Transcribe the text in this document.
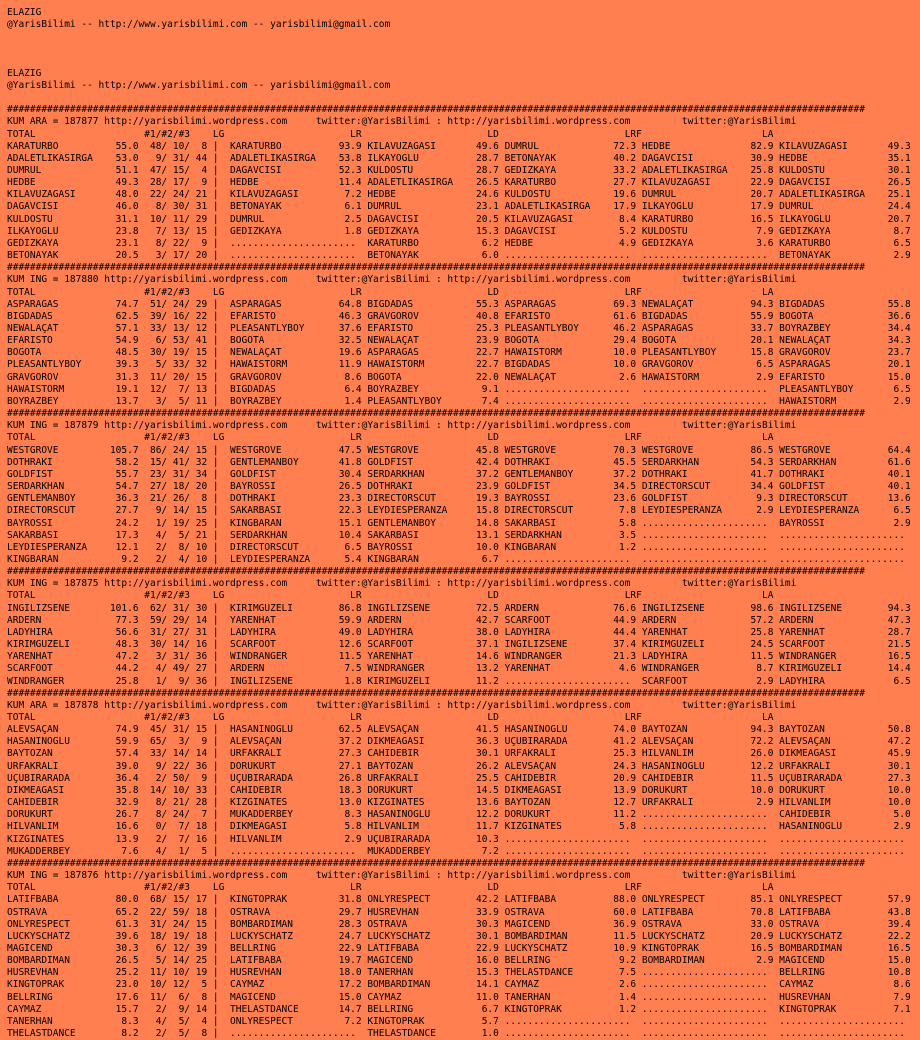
ELAZIG
@YarisBilimi -- http://www.yarisbilimi.com -- yarisbilimi@gmail.com
ELAZIG
@YarisBilimi -- http://www.yarisbilimi.com -- yarisbilimi@gmail.com
######################################################################################################################################################
KUM ARA = 187877 http://yarisbilimi.wordpress.com     twitter:@YarisBilimi : http://yarisbilimi.wordpress.com         twitter:@YarisBilimi
TOTAL                   #1/#2/#3    LG                      LR                      LD                      LRF                     LA
KARATURBO          55.0  48/ 10/  8 |  KARATURBO          93.9 KILAVUZAGASI       49.6 DUMRUL             72.3 HEDBE              82.9 KILAVUZAGASI       49.3
ADALETLIKASIRGA    53.0   9/ 31/ 44 |  ADALETLIKASIRGA    53.8 ILKAYOGLU          28.7 BETONAYAK          40.2 DAGAVCISI          30.9 HEDBE              35.1
DUMRUL             51.1  47/ 15/  4 |  DAGAVCISI          52.3 KULDOSTU           28.7 GEDIZKAYA          33.2 ADALETLIKASIRGA    25.8 KULDOSTU           30.1
HEDBE              49.3  28/ 17/  9 |  HEDBE              11.4 ADALETLIKASIRGA    26.5 KARATURBO          27.7 KILAVUZAGASI       22.9 DAGAVCISI          26.5
KILAVUZAGASI       48.0  22/ 24/ 21 |  KILAVUZAGASI        7.2 HEDBE              24.6 KULDOSTU           19.6 DUMRUL             20.7 ADALETLIKASIRGA    25.1
DAGAVCISI          46.0   8/ 30/ 31 |  BETONAYAK           6.1 DUMRUL             23.1 ADALETLIKASIRGA    17.9 ILKAYOGLU          17.9 DUMRUL             24.4
KULDOSTU           31.1  10/ 11/ 29 |  DUMRUL              2.5 DAGAVCISI          20.5 KILAVUZAGASI        8.4 KARATURBO          16.5 ILKAYOGLU          20.7
ILKAYOGLU          23.8   7/ 13/ 15 |  GEDIZKAYA           1.8 GEDIZKAYA          15.3 DAGAVCISI           5.2 KULDOSTU            7.9 GEDIZKAYA           8.7
GEDIZKAYA          23.1   8/ 22/  9 |  ......................  KARATURBO           6.2 HEDBE               4.9 GEDIZKAYA           3.6 KARATURBO           6.5
BETONAYAK          20.5   3/ 17/ 20 |  ......................  BETONAYAK           6.0 ......................  ......................  BETONAYAK           2.9
######################################################################################################################################################
KUM ING = 187880 http://yarisbilimi.wordpress.com     twitter:@YarisBilimi : http://yarisbilimi.wordpress.com         twitter:@YarisBilimi
TOTAL                   #1/#2/#3    LG                      LR                      LD                      LRF                     LA
ASPARAGAS          74.7  51/ 24/ 29 |  ASPARAGAS          64.8 BIGDADAS           55.3 ASPARAGAS          69.3 NEWALAÇAT          94.3 BIGDADAS           55.8
BIGDADAS           62.5  39/ 16/ 22 |  EFARISTO           46.3 GRAVGOROV          40.8 EFARISTO           61.6 BIGDADAS           55.9 BOGOTA             36.6
NEWALAÇAT          57.1  33/ 13/ 12 |  PLEASANTLYBOY      37.6 EFARISTO           25.3 PLEASANTLYBOY      46.2 ASPARAGAS          33.7 BOYRAZBEY          34.4
EFARISTO           54.9   6/ 53/ 41 |  BOGOTA             32.5 NEWALAÇAT          23.9 BOGOTA             29.4 BOGOTA             20.1 NEWALAÇAT          34.3
BOGOTA             48.5  30/ 19/ 15 |  NEWALAÇAT          19.6 ASPARAGAS          22.7 HAWAISTORM         10.0 PLEASANTLYBOY      15.8 GRAVGOROV          23.7
PLEASANTLYBOY      39.3   5/ 33/ 32 |  HAWAISTORM         11.9 HAWAISTORM         22.7 BIGDADAS           10.0 GRAVGOROV           6.5 ASPARAGAS          20.1
GRAVGOROV          31.3  11/ 20/ 15 |  GRAVGOROV           8.6 BOGOTA             22.0 NEWALAÇAT           2.6 HAWAISTORM          2.9 EFARISTO           15.0
HAWAISTORM         19.1  12/  7/ 13 |  BIGDADAS            6.4 BOYRAZBEY           9.1 ......................  ......................  PLEASANTLYBOY       6.5
BOYRAZBEY          13.7   3/  5/ 11 |  BOYRAZBEY           1.4 PLEASANTLYBOY       7.4 ......................  ......................  HAWAISTORM          2.9
######################################################################################################################################################
KUM ING = 187879 http://yarisbilimi.wordpress.com     twitter:@YarisBilimi : http://yarisbilimi.wordpress.com         twitter:@YarisBilimi
TOTAL                   #1/#2/#3    LG                      LR                      LD                      LRF                     LA
WESTGROVE         105.7  86/ 24/ 15 |  WESTGROVE          47.5 WESTGROVE          45.8 WESTGROVE          70.3 WESTGROVE          86.5 WESTGROVE          64.4
DOTHRAKI           58.2  15/ 41/ 32 |  GENTLEMANBOY       41.8 GOLDFIST           42.4 DOTHRAKI           45.5 SERDARKHAN         54.3 SERDARKHAN         61.6
GOLDFIST           55.7  23/ 31/ 34 |  GOLDFIST           30.4 SERDARKHAN         37.2 GENTLEMANBOY       37.2 DOTHRAKI           41.7 DOTHRAKI           40.1
SERDARKHAN         54.7  27/ 18/ 20 |  BAYROSSI           26.5 DOTHRAKI           23.9 GOLDFIST           34.5 DIRECTORSCUT       34.4 GOLDFIST           40.1
GENTLEMANBOY       36.3  21/ 26/  8 |  DOTHRAKI           23.3 DIRECTORSCUT       19.3 BAYROSSI           23.6 GOLDFIST            9.3 DIRECTORSCUT       13.6
DIRECTORSCUT       27.7   9/ 14/ 15 |  SAKARBASI          22.3 LEYDIESPERANZA     15.8 DIRECTORSCUT        7.8 LEYDIESPERANZA      2.9 LEYDIESPERANZA      6.5
BAYROSSI           24.2   1/ 19/ 25 |  KINGBARAN          15.1 GENTLEMANBOY       14.8 SAKARBASI           5.8 ......................  BAYROSSI            2.9
SAKARBASI          17.3   4/  5/ 21 |  SERDARKHAN         10.4 SAKARBASI          13.1 SERDARKHAN          3.5 ......................  ......................
LEYDIESPERANZA     12.1   2/  8/ 10 |  DIRECTORSCUT        6.5 BAYROSSI           10.0 KINGBARAN           1.2 ......................  ......................
KINGBARAN           9.2   2/  4/ 10 |  LEYDIESPERANZA      5.4 KINGBARAN           6.7 ......................  ......................  ......................
######################################################################################################################################################
KUM ING = 187875 http://yarisbilimi.wordpress.com     twitter:@YarisBilimi : http://yarisbilimi.wordpress.com         twitter:@YarisBilimi
TOTAL                   #1/#2/#3    LG                      LR                      LD                      LRF                     LA
INGILIZSENE       101.6  62/ 31/ 30 |  KIRIMGÜZELI        86.8 INGILIZSENE        72.5 ARDERN             76.6 INGILIZSENE        98.6 INGILIZSENE        94.3
ARDERN             77.3  59/ 29/ 14 |  YARENHAT           59.9 ARDERN             42.7 SCARFOOT           44.9 ARDERN             57.2 ARDERN             47.3
LADYHIRA           56.6  31/ 27/ 31 |  LADYHIRA           49.0 LADYHIRA           38.0 LADYHIRA           44.4 YARENHAT           25.8 YARENHAT           28.7
KIRIMGÜZELI        48.3  30/ 14/ 16 |  SCARFOOT           12.6 SCARFOOT           37.1 INGILIZSENE        37.4 KIRIMGÜZELI        24.5 SCARFOOT           21.5
YARENHAT           47.2   3/ 31/ 36 |  WINDRANGER         11.5 YARENHAT           14.6 WINDRANGER         21.3 LADYHIRA           11.5 WINDRANGER         16.5
SCARFOOT           44.2   4/ 49/ 27 |  ARDERN              7.5 WINDRANGER         13.2 YARENHAT            4.6 WINDRANGER          8.7 KIRIMGÜZELI        14.4
WINDRANGER         25.8   1/  9/ 36 |  INGILIZSENE         1.8 KIRIMGÜZELI        11.2 ......................  SCARFOOT            2.9 LADYHIRA            6.5
######################################################################################################################################################
KUM ARA = 187878 http://yarisbilimi.wordpress.com     twitter:@YarisBilimi : http://yarisbilimi.wordpress.com         twitter:@YarisBilimi
TOTAL                   #1/#2/#3    LG                      LR                      LD                      LRF                     LA
ALEVSAÇAN          74.9  45/ 31/ 15 |  HASANINOGLU        62.5 ALEVSAÇAN          41.5 HASANINOGLU        74.0 BAYTOZAN           94.3 BAYTOZAN           50.8
HASANINOGLU        59.9  65/  3/  9 |  ALEVSAÇAN          37.2 DIKMEAGASI         36.3 ÜÇÜBIRARADA        41.2 ALEVSAÇAN          72.2 ALEVSAÇAN          47.2
BAYTOZAN           57.4  33/ 14/ 14 |  URFAKRALI          27.3 CAHIDEBIR          30.1 URFAKRALI          25.3 HILVANLIM          26.0 DIKMEAGASI         45.9
URFAKRALI          39.0   9/ 22/ 36 |  DORUKURT           27.1 BAYTOZAN           26.2 ALEVSAÇAN          24.3 HASANINOGLU        12.2 URFAKRALI          30.1
ÜÇÜBIRARADA        36.4   2/ 50/  9 |  ÜÇÜBIRARADA        26.8 URFAKRALI          25.5 CAHIDEBIR          20.9 CAHIDEBIR          11.5 ÜÇÜBIRARADA        27.3
DIKMEAGASI         35.8  14/ 10/ 33 |  CAHIDEBIR          18.3 DORUKURT           14.5 DIKMEAGASI         13.9 DORUKURT           10.0 DORUKURT           10.0
CAHIDEBIR          32.9   8/ 21/ 28 |  KIZGINATES         13.0 KIZGINATES         13.6 BAYTOZAN           12.7 URFAKRALI           2.9 HILVANLIM          10.0
DORUKURT           26.7   8/ 24/  7 |  MUKADDERBEY         8.3 HASANINOGLU        12.2 DORUKURT           11.2 ......................  CAHIDEBIR           5.0
HILVANLIM          16.6   0/  7/ 18 |  DIKMEAGASI          5.8 HILVANLIM          11.7 KIZGINATES          5.8 ......................  HASANINOGLU         2.9
KIZGINATES         13.9   2/  7/ 16 |  HILVANLIM           2.9 ÜÇÜBIRARADA        10.3 ......................  ......................  ......................
MUKADDERBEY         7.6   4/  1/  5 |  ......................  MUKADDERBEY         7.2 ......................  ......................  ......................
######################################################################################################################################################
KUM ING = 187876 http://yarisbilimi.wordpress.com     twitter:@YarisBilimi : http://yarisbilimi.wordpress.com         twitter:@YarisBilimi
TOTAL                   #1/#2/#3    LG                      LR                      LD                      LRF                     LA
LATIFBABA          80.0  68/ 15/ 17 |  KINGTOPRAK         31.8 ONLYRESPECT        42.2 LATIFBABA          88.0 ONLYRESPECT        85.1 ONLYRESPECT        57.9
OSTRAVA            65.2  22/ 59/ 18 |  OSTRAVA            29.7 HÜSREVHAN          33.9 OSTRAVA            60.0 LATIFBABA          70.8 LATIFBABA          43.8
ONLYRESPECT        61.3  31/ 24/ 15 |  BOMBARDIMAN        28.3 OSTRAVA            30.3 MAGICEND           36.9 OSTRAVA            33.0 OSTRAVA            39.4
LUCKYSCHATZ        39.6  18/ 19/ 18 |  LUCKYSCHATZ        24.7 LUCKYSCHATZ        30.1 BOMBARDIMAN        11.5 LUCKYSCHATZ        20.9 LUCKYSCHATZ        22.2
MAGICEND           30.3   6/ 12/ 39 |  BELLRING           22.9 LATIFBABA          22.9 LUCKYSCHATZ        10.9 KINGTOPRAK         16.5 BOMBARDIMAN        16.5
BOMBARDIMAN        26.5   5/ 14/ 25 |  LATIFBABA          19.7 MAGICEND           16.0 BELLRING            9.2 BOMBARDIMAN         2.9 MAGICEND           15.0
HÜSREVHAN          25.2  11/ 10/ 19 |  HÜSREVHAN          18.0 TANERHAN           15.3 THELASTDANCE        7.5 ......................  BELLRING           10.8
KINGTOPRAK         23.0  10/ 12/  5 |  CAYMAZ             17.2 BOMBARDIMAN        14.1 CAYMAZ              2.6 ......................  CAYMAZ              8.6
BELLRING           17.6  11/  6/  8 |  MAGICEND           15.0 CAYMAZ             11.0 TANERHAN            1.4 ......................  HÜSREVHAN           7.9
CAYMAZ             15.7   2/  9/ 14 |  THELASTDANCE       14.7 BELLRING            6.7 KINGTOPRAK          1.2 ......................  KINGTOPRAK          7.1
TANERHAN            8.3   4/  5/  4 |  ONLYRESPECT         7.2 KINGTOPRAK          5.7 ......................  ......................  ......................
THELASTDANCE        8.2   2/  5/  8 |  ......................  THELASTDANCE        1.0 ......................  ......................  ......................
